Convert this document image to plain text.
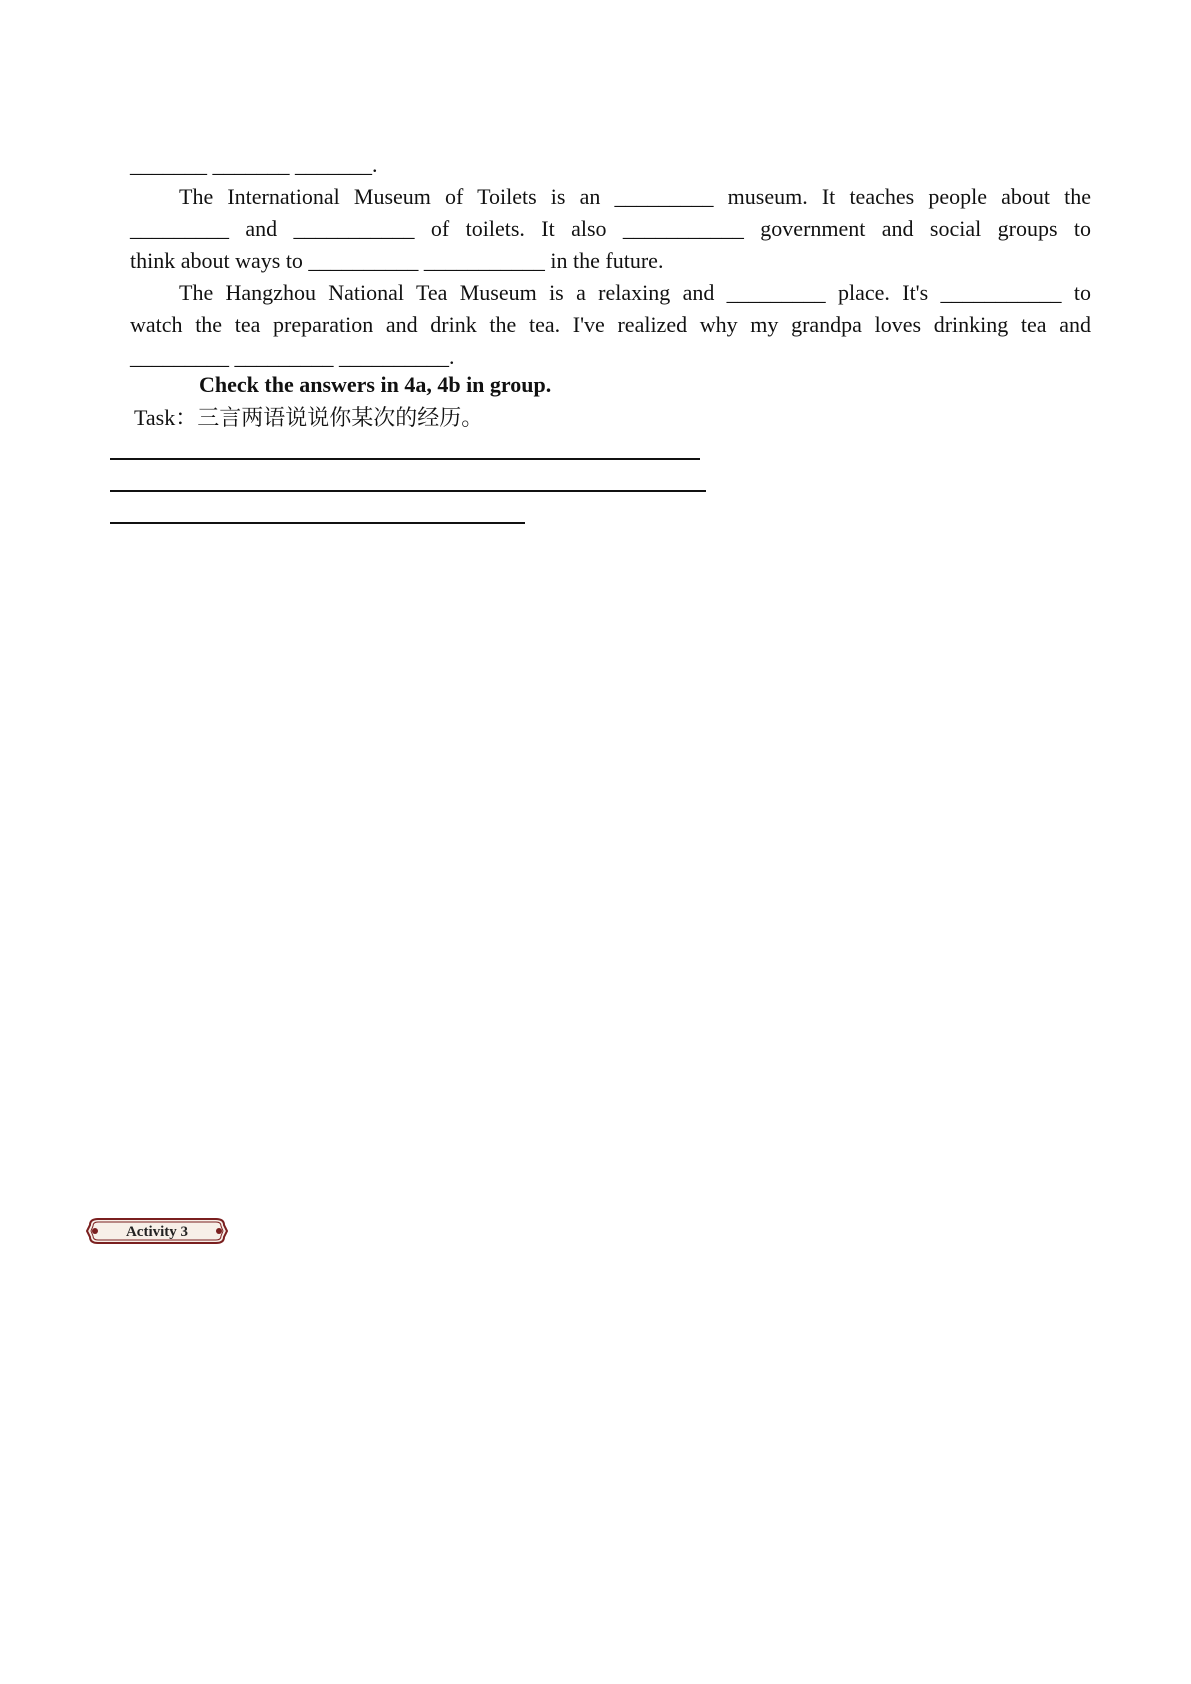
_______ _______ _______.
The International Museum of Toilets is an _________ museum. It teaches people about the
_________ and ___________ of toilets. It also ___________ government and social groups to
think about ways to __________ ___________ in the future.
The Hangzhou National Tea Museum is a relaxing and _________ place. It's ___________ to
watch the tea preparation and drink the tea. I've realized why my grandpa loves drinking tea and
_________ _________ __________.
Check the answers in 4a, 4b in group.
Task：三言两语说说你某次的经历。
Activity 3
